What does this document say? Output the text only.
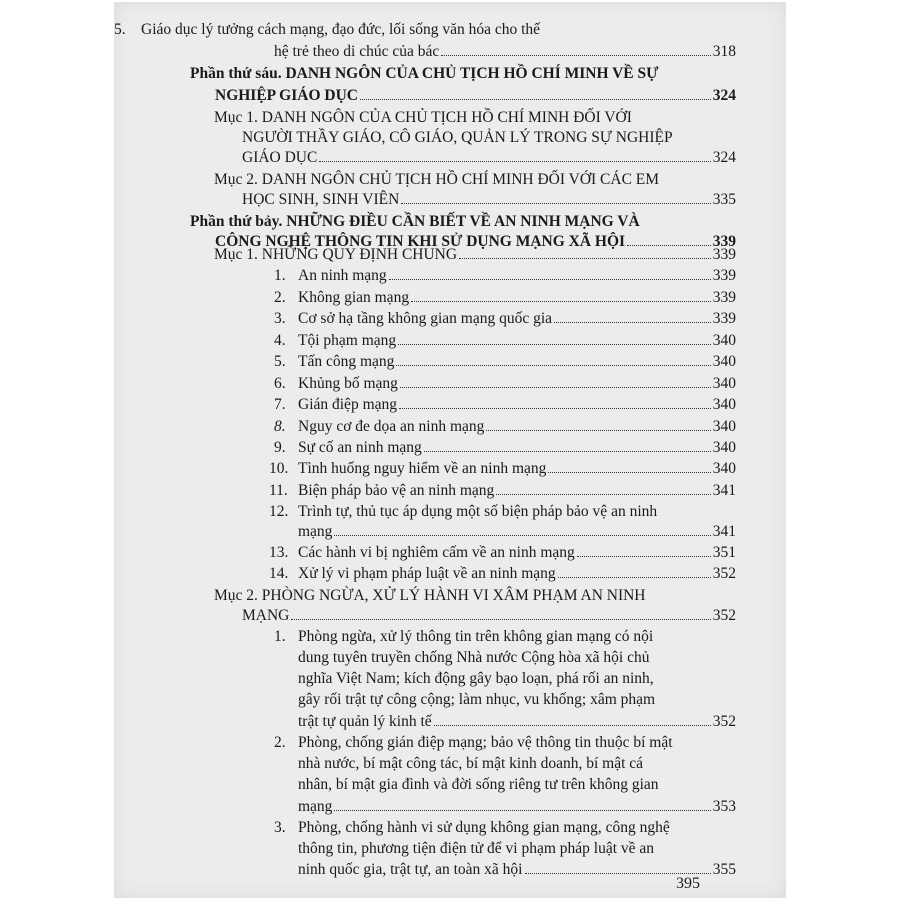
5. Giáo dục lý tưởng cách mạng, đạo đức, lối sống văn hóa cho thế
hệ trẻ theo di chúc của bác	318
Phần thứ sáu. DANH NGÔN CỦA CHỦ TỊCH HỒ CHÍ MINH VỀ SỰ
NGHIỆP GIÁO DỤC	324
Mục 1. DANH NGÔN CỦA CHỦ TỊCH HỒ CHÍ MINH ĐỐI VỚI
NGƯỜI THẦY GIÁO, CÔ GIÁO, QUẢN LÝ TRONG SỰ NGHIỆP
GIÁO DỤC	324
Mục 2. DANH NGÔN CHỦ TỊCH HỒ CHÍ MINH ĐỐI VỚI CÁC EM
HỌC SINH, SINH VIÊN	335
Phần thứ bảy. NHỮNG ĐIỀU CẦN BIẾT VỀ AN NINH MẠNG VÀ
CÔNG NGHỆ THÔNG TIN KHI SỬ DỤNG MẠNG XÃ HỘI	339
Mục 1. NHỮNG QUY ĐỊNH CHUNG	339
1. An ninh mạng	339
2. Không gian mạng	339
3. Cơ sở hạ tầng không gian mạng quốc gia	339
4. Tội phạm mạng	340
5. Tấn công mạng	340
6. Khủng bố mạng	340
7. Gián điệp mạng	340
8. Nguy cơ đe dọa an ninh mạng	340
9. Sự cố an ninh mạng	340
10. Tình huống nguy hiểm về an ninh mạng	340
11. Biện pháp bảo vệ an ninh mạng	341
12. Trình tự, thủ tục áp dụng một số biện pháp bảo vệ an ninh
mạng	341
13. Các hành vi bị nghiêm cấm về an ninh mạng	351
14. Xử lý vi phạm pháp luật về an ninh mạng	352
Mục 2. PHÒNG NGỪA, XỬ LÝ HÀNH VI XÂM PHẠM AN NINH
MẠNG	352
1. Phòng ngừa, xử lý thông tin trên không gian mạng có nội
dung tuyên truyền chống Nhà nước Cộng hòa xã hội chủ
nghĩa Việt Nam; kích động gây bạo loạn, phá rối an ninh,
gây rối trật tự công cộng; làm nhục, vu khống; xâm phạm
trật tự quản lý kinh tế	352
2. Phòng, chống gián điệp mạng; bảo vệ thông tin thuộc bí mật
nhà nước, bí mật công tác, bí mật kinh doanh, bí mật cá
nhân, bí mật gia đình và đời sống riêng tư trên không gian
mạng	353
3. Phòng, chống hành vi sử dụng không gian mạng, công nghệ
thông tin, phương tiện điện tử để vi phạm pháp luật về an
ninh quốc gia, trật tự, an toàn xã hội	355
395
